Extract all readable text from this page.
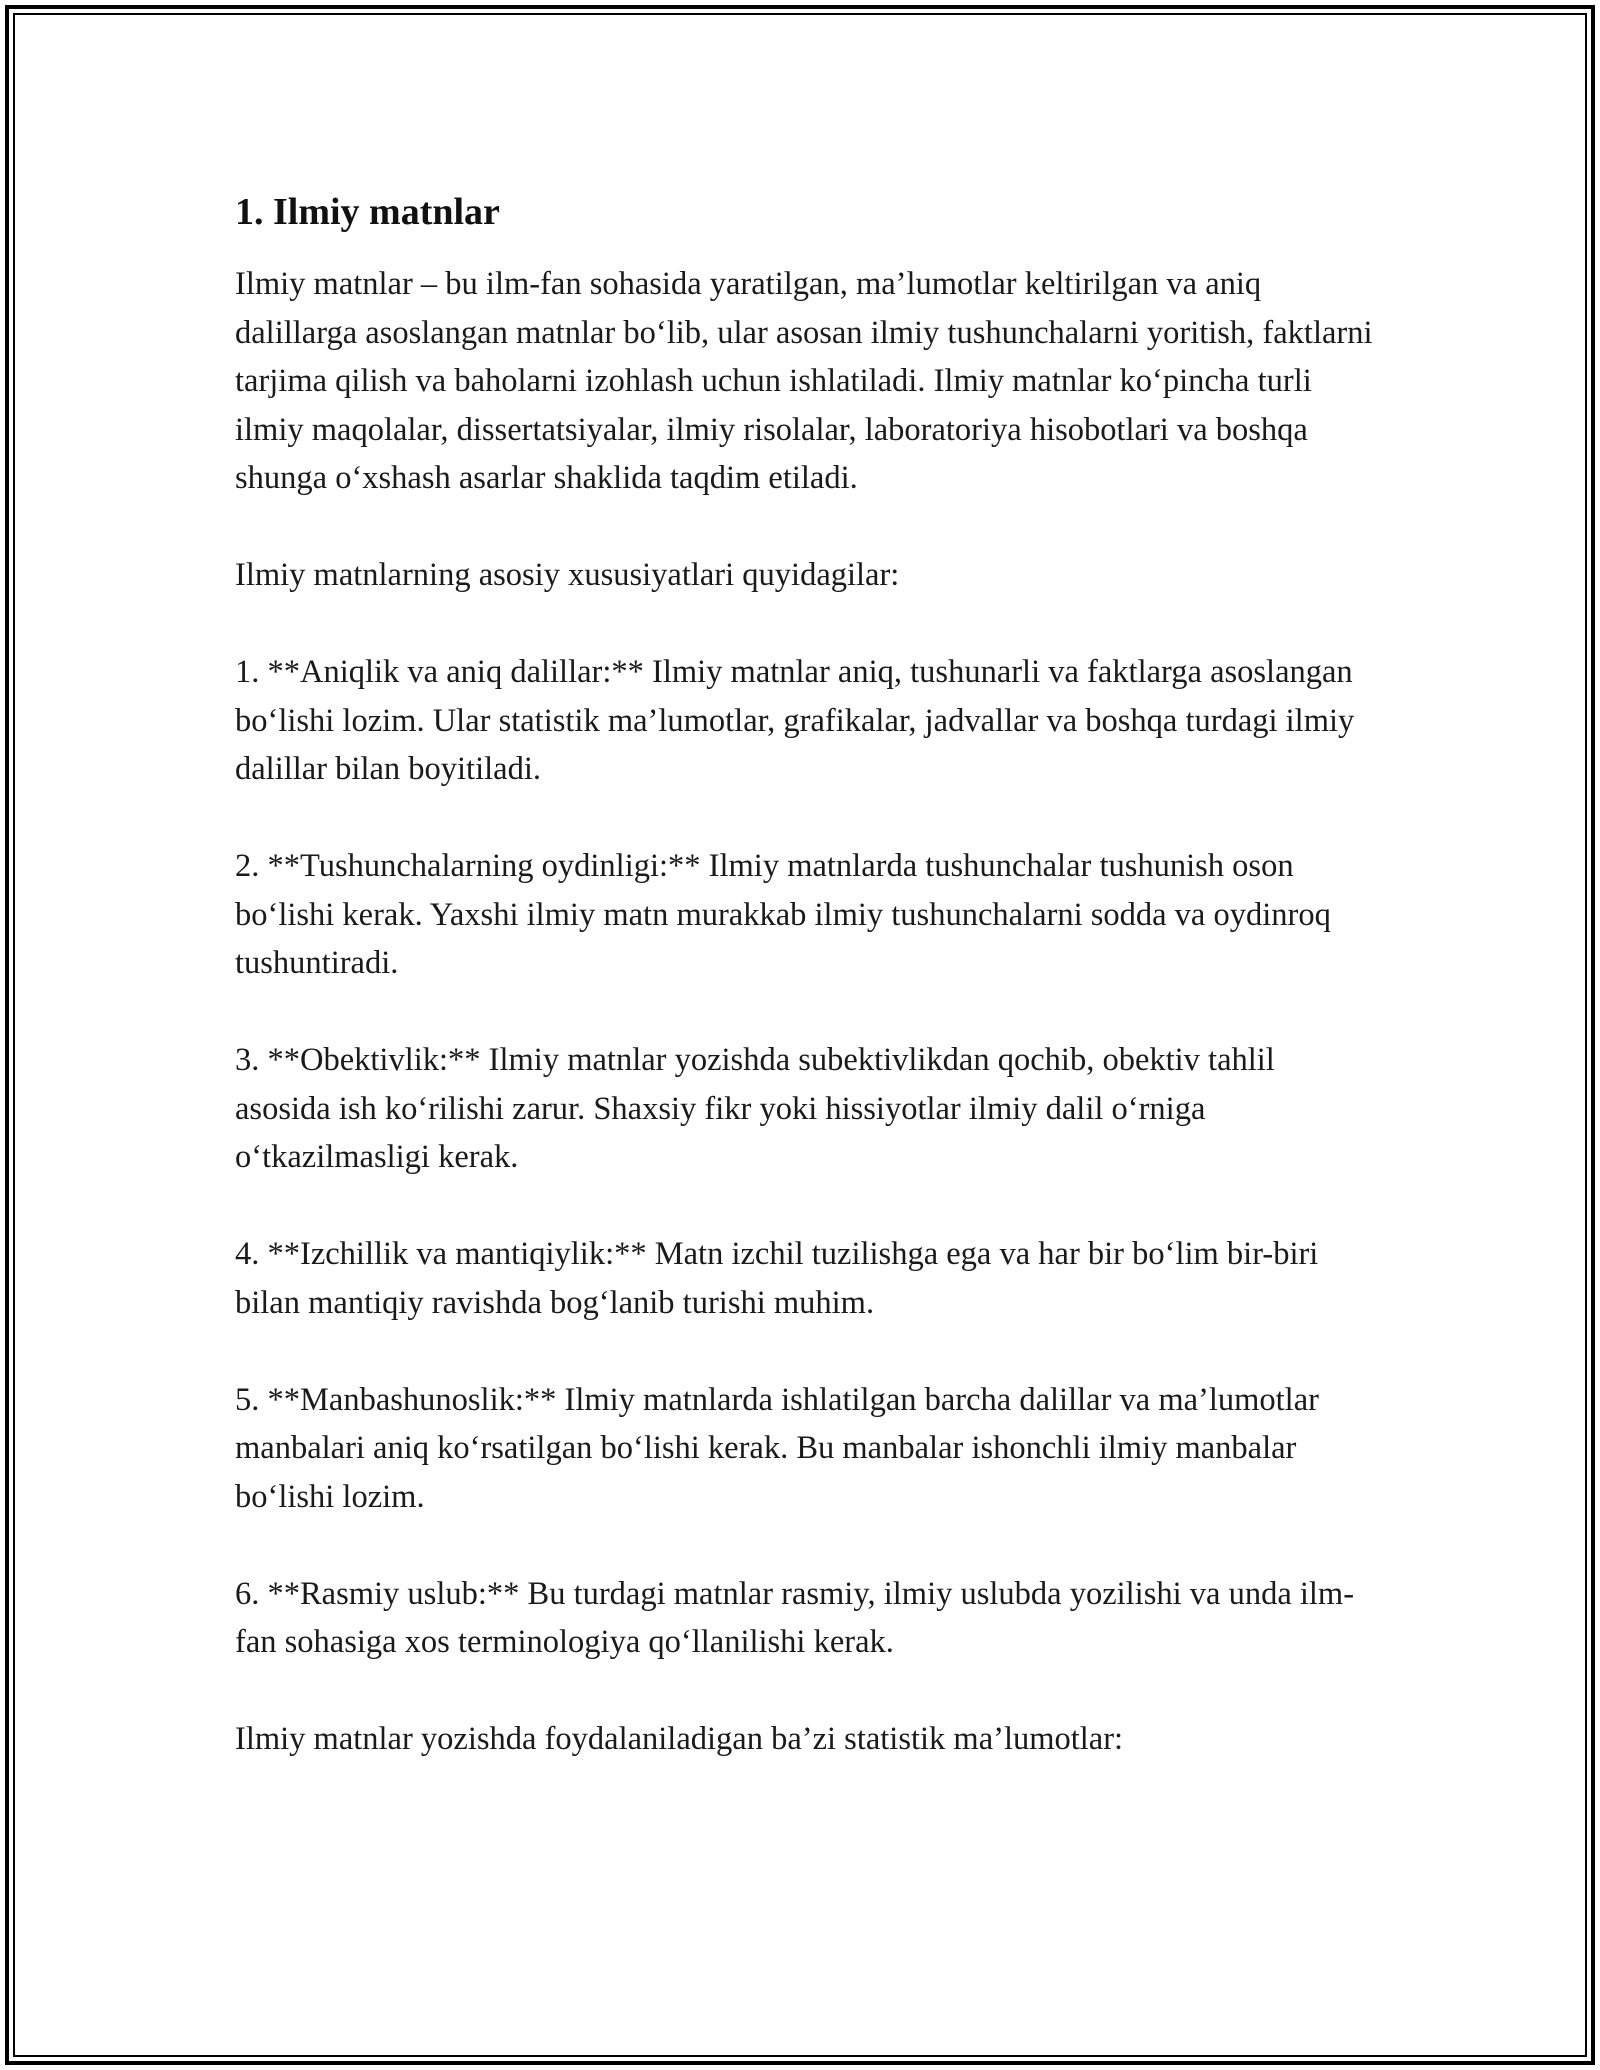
1. Ilmiy matnlar

Ilmiy matnlar – bu ilm-fan sohasida yaratilgan, ma’lumotlar keltirilgan va aniq dalillarga asoslangan matnlar bo‘lib, ular asosan ilmiy tushunchalarni yoritish, faktlarni tarjima qilish va baholarni izohlash uchun ishlatiladi. Ilmiy matnlar ko‘pincha turli ilmiy maqolalar, dissertatsiyalar, ilmiy risolalar, laboratoriya hisobotlari va boshqa shunga o‘xshash asarlar shaklida taqdim etiladi.

Ilmiy matnlarning asosiy xususiyatlari quyidagilar:

1. **Aniqlik va aniq dalillar:** Ilmiy matnlar aniq, tushunarli va faktlarga asoslangan bo‘lishi lozim. Ular statistik ma’lumotlar, grafikalar, jadvallar va boshqa turdagi ilmiy dalillar bilan boyitiladi.

2. **Tushunchalarning oydinligi:** Ilmiy matnlarda tushunchalar tushunish oson bo‘lishi kerak. Yaxshi ilmiy matn murakkab ilmiy tushunchalarni sodda va oydinroq tushuntiradi.

3. **Obektivlik:** Ilmiy matnlar yozishda subektivlikdan qochib, obektiv tahlil asosida ish ko‘rilishi zarur. Shaxsiy fikr yoki hissiyotlar ilmiy dalil o‘rniga o‘tkazilmasligi kerak.

4. **Izchillik va mantiqiylik:** Matn izchil tuzilishga ega va har bir bo‘lim bir-biri bilan mantiqiy ravishda bog‘lanib turishi muhim.

5. **Manbashunoslik:** Ilmiy matnlarda ishlatilgan barcha dalillar va ma’lumotlar manbalari aniq ko‘rsatilgan bo‘lishi kerak. Bu manbalar ishonchli ilmiy manbalar bo‘lishi lozim.

6. **Rasmiy uslub:** Bu turdagi matnlar rasmiy, ilmiy uslubda yozilishi va unda ilm-fan sohasiga xos terminologiya qo‘llanilishi kerak.

Ilmiy matnlar yozishda foydalaniladigan ba’zi statistik ma’lumotlar:
